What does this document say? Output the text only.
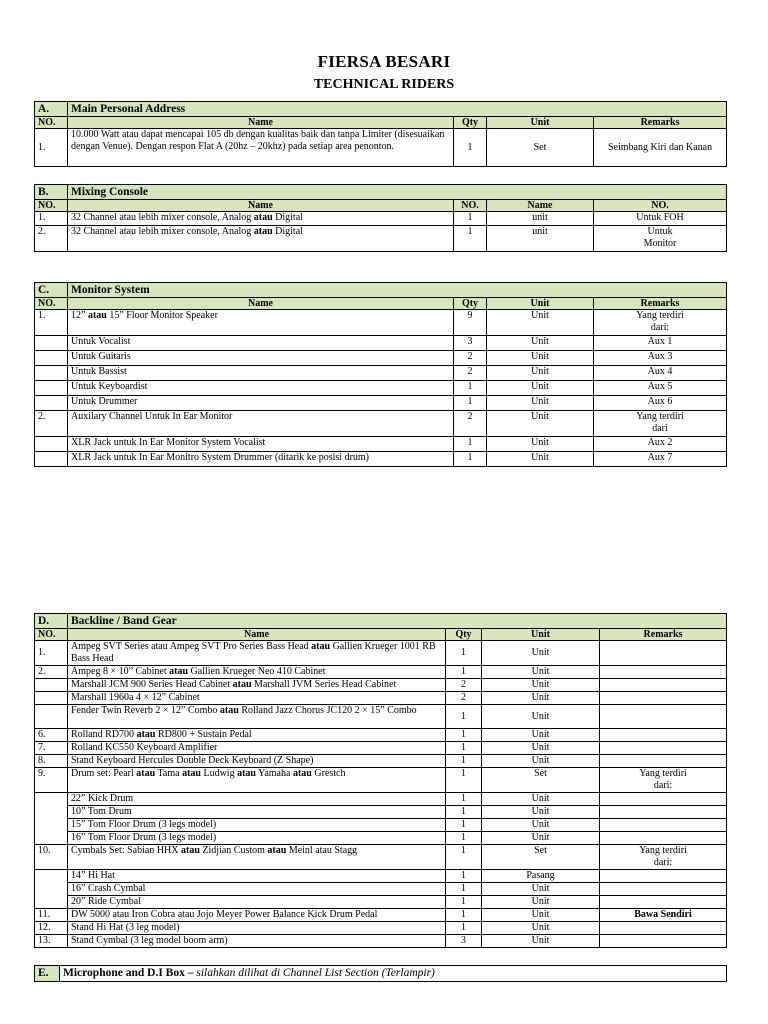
FIERSA BESARI
TECHNICAL RIDERS
A.	Main Personal Address			
NO.	Name	Qty	Unit	Remarks
1.	10.000 Watt atau dapat mencapai 105 db dengan kualitas baik dan tanpa Limiter (disesuaikan dengan Venue). Dengan respon Flat A (20hz – 20khz) pada setiap area penonton.	1	Set	Seimbang Kiri dan Kanan
B.	Mixing Console			
NO.	Name	NO.	Name	NO.
1.	32 Channel atau lebih mixer console, Analog atau Digital	1	unit	Untuk FOH
2.	32 Channel atau lebih mixer console, Analog atau Digital	1	unit	Untuk Monitor
C.	Monitor System			
NO.	Name	Qty	Unit	Remarks
1.	12” atau 15” Floor Monitor Speaker	9	Unit	Yang terdiri dari:
	Untuk Vocalist	3	Unit	Aux 1
	Untuk Guitaris	2	Unit	Aux 3
	Untuk Bassist	2	Unit	Aux 4
	Untuk Keyboardist	1	Unit	Aux 5
	Untuk Drummer	1	Unit	Aux 6
2.	Auxilary Channel Untuk In Ear Monitor	2	Unit	Yang terdiri dari
	XLR Jack untuk In Ear Monitor System Vocalist	1	Unit	Aux 2
	XLR Jack untuk In Ear Monitro System Drummer (ditarik ke posisi drum)	1	Unit	Aux 7
D.	Backline / Band Gear			
NO.	Name	Qty	Unit	Remarks
1.	Ampeg SVT Series atau Ampeg SVT Pro Series Bass Head atau Gallien Krueger 1001 RB Bass Head	1	Unit	
2.	Ampeg 8 × 10” Cabinet atau Gallien Krueger Neo 410 Cabinet	1	Unit	
	Marshall JCM 900 Series Head Cabinet atau Marshall JVM Series Head Cabinet	2	Unit	
	Marshall 1960a 4 × 12” Cabinet	2	Unit	
	Fender Twin Reverb 2 × 12” Combo atau Rolland Jazz Chorus JC120 2 × 15” Combo	1	Unit	
6.	Rolland RD700 atau RD800 + Sustain Pedal	1	Unit	
7.	Rolland KC550 Keyboard Amplifier	1	Unit	
8.	Stand Keyboard Hercules Double Deck Keyboard (Z Shape)	1	Unit	
9.	Drum set: Pearl atau Tama atau Ludwig atau Yamaha atau Grestch	1	Set	Yang terdiri dari:
	22” Kick Drum	1	Unit	
	10” Tom Drum	1	Unit	
	15” Tom Floor Drum (3 legs model)	1	Unit	
	16” Tom Floor Drum (3 legs model)	1	Unit	
10.	Cymbals Set: Sabian HHX atau Zidjian Custom atau Meinl atau Stagg	1	Set	Yang terdiri dari:
	14” Hi Hat	1	Pasang	
	16” Crash Cymbal	1	Unit	
	20” Ride Cymbal	1	Unit	
11.	DW 5000 atau Iron Cobra atau Jojo Meyer Power Balance Kick Drum Pedal	1	Unit	Bawa Sendiri
12.	Stand Hi Hat (3 leg model)	1	Unit	
13.	Stand Cymbal (3 leg model boom arm)	3	Unit	
E.	Microphone and D.I Box – silahkan dilihat di Channel List Section (Terlampir)
